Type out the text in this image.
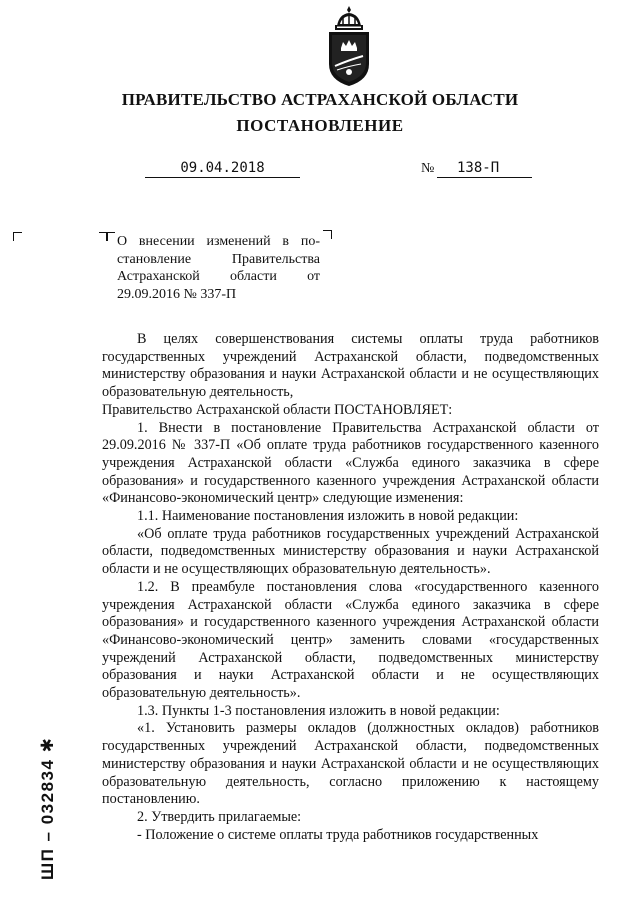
ПРАВИТЕЛЬСТВО АСТРАХАНСКОЙ ОБЛАСТИ
ПОСТАНОВЛЕНИЕ
09.04.2018	№	138-П
О внесении изменений в по-
становление Правительства
Астраханской области от
29.09.2016 № 337-П

В целях совершенствования системы оплаты труда работников государственных учреждений Астраханской области, подведомственных министерству образования и науки Астраханской области и не осуществляющих образовательную деятельность,

Правительство Астраханской области ПОСТАНОВЛЯЕТ:

1. Внести в постановление Правительства Астраханской области от 29.09.2016 № 337-П «Об оплате труда работников государственного казенного учреждения Астраханской области «Служба единого заказчика в сфере образования» и государственного казенного учреждения Астраханской области «Финансово-экономический центр» следующие изменения:

1.1. Наименование постановления изложить в новой редакции:

«Об оплате труда работников государственных учреждений Астраханской области, подведомственных министерству образования и науки Астраханской области и не осуществляющих образовательную деятельность».

1.2. В преамбуле постановления слова «государственного казенного учреждения Астраханской области «Служба единого заказчика в сфере образования» и государственного казенного учреждения Астраханской области «Финансово-экономический центр» заменить словами «государственных учреждений Астраханской области, подведомственных министерству образования и науки Астраханской области и не осуществляющих образовательную деятельность».

1.3. Пункты 1-3 постановления изложить в новой редакции:

«1. Установить размеры окладов (должностных окладов) работников государственных учреждений Астраханской области, подведомственных министерству образования и науки Астраханской области и не осуществляющих образовательную деятельность, согласно приложению к настоящему постановлению.

2. Утвердить прилагаемые:

- Положение о системе оплаты труда работников государственных

ШП – 032834 ✱
